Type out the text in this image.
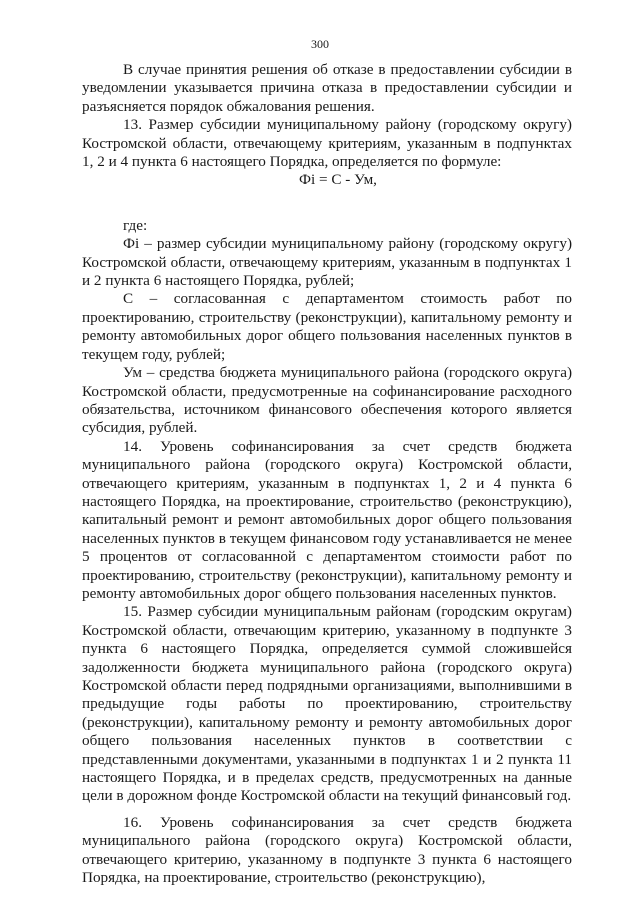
300

В случае принятия решения об отказе в предоставлении субсидии в уведомлении указывается причина отказа в предоставлении субсидии и разъясняется порядок обжалования решения.

13. Размер субсидии муниципальному району (городскому округу) Костромской области, отвечающему критериям, указанным в подпунктах 1, 2 и 4 пункта 6 настоящего Порядка, определяется по формуле:

Фi = С - Ум,

где:

Фi – размер субсидии муниципальному району (городскому округу) Костромской области, отвечающему критериям, указанным в подпунктах 1 и 2 пункта 6 настоящего Порядка, рублей;

С – согласованная с департаментом стоимость работ по проектированию, строительству (реконструкции), капитальному ремонту и ремонту автомобильных дорог общего пользования населенных пунктов в текущем году, рублей;

Ум – средства бюджета муниципального района (городского округа) Костромской области, предусмотренные на софинансирование расходного обязательства, источником финансового обеспечения которого является субсидия, рублей.

14. Уровень софинансирования за счет средств бюджета муниципального района (городского округа) Костромской области, отвечающего критериям, указанным в подпунктах 1, 2 и 4 пункта 6 настоящего Порядка, на проектирование, строительство (реконструкцию), капитальный ремонт и ремонт автомобильных дорог общего пользования населенных пунктов в текущем финансовом году устанавливается не менее 5 процентов от согласованной с департаментом стоимости работ по проектированию, строительству (реконструкции), капитальному ремонту и ремонту автомобильных дорог общего пользования населенных пунктов.

15. Размер субсидии муниципальным районам (городским округам) Костромской области, отвечающим критерию, указанному в подпункте 3 пункта 6 настоящего Порядка, определяется суммой сложившейся задолженности бюджета муниципального района (городского округа) Костромской области перед подрядными организациями, выполнившими в предыдущие годы работы по проектированию, строительству (реконструкции), капитальному ремонту и ремонту автомобильных дорог общего пользования населенных пунктов в соответствии с представленными документами, указанными в подпунктах 1 и 2 пункта 11 настоящего Порядка, и в пределах средств, предусмотренных на данные цели в дорожном фонде Костромской области на текущий финансовый год.

16. Уровень софинансирования за счет средств бюджета муниципального района (городского округа) Костромской области, отвечающего критерию, указанному в подпункте 3 пункта 6 настоящего Порядка, на проектирование, строительство (реконструкцию),
